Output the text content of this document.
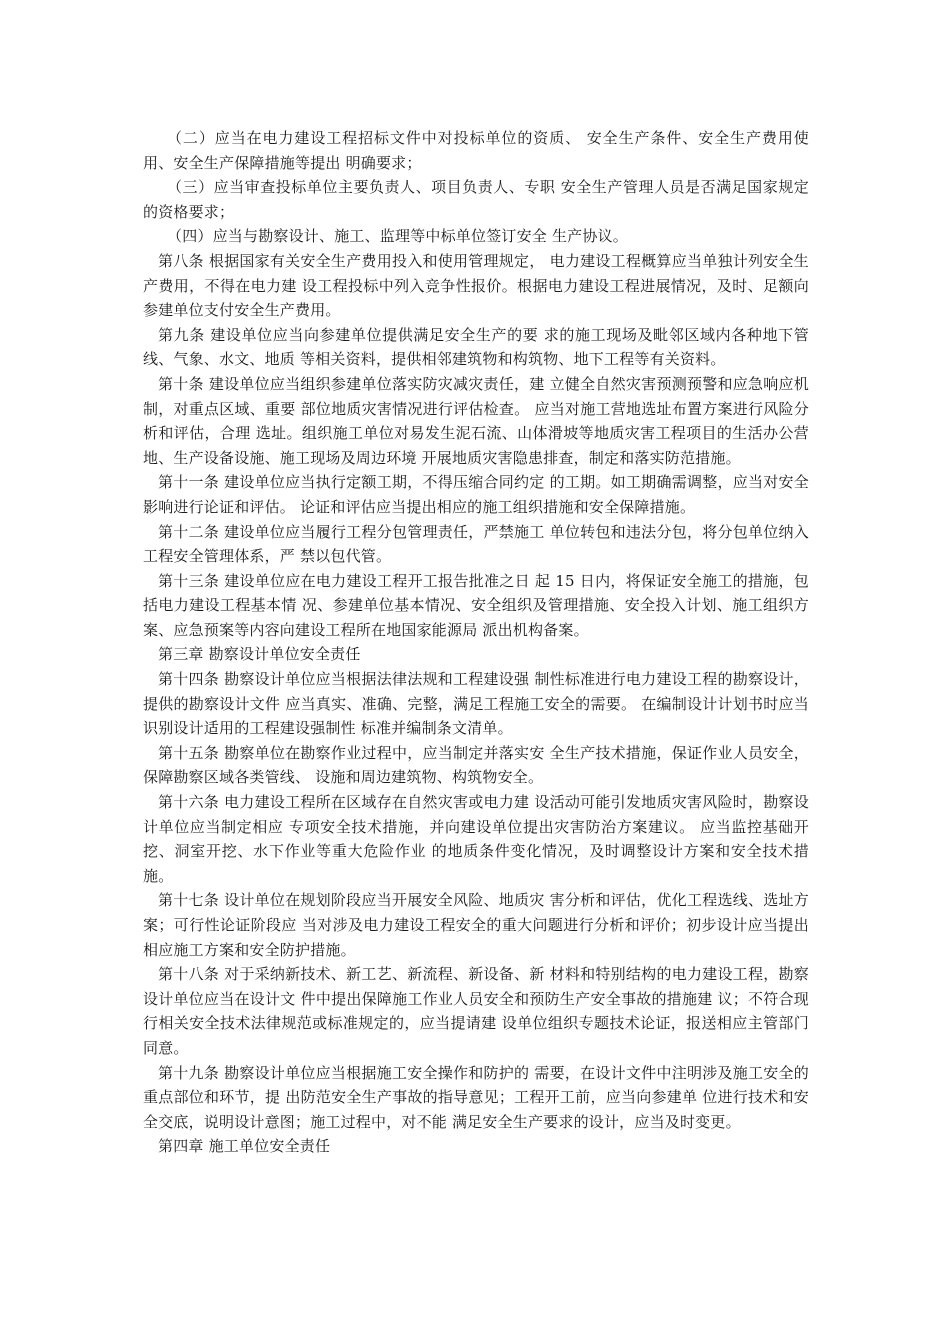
（二）应当在电力建设工程招标文件中对投标单位的资质、 安全生产条件、安全生产费用使用、安全生产保障措施等提出 明确要求；

（三）应当审查投标单位主要负责人、项目负责人、专职 安全生产管理人员是否满足国家规定的资格要求；

（四）应当与勘察设计、施工、监理等中标单位签订安全 生产协议。

第八条 根据国家有关安全生产费用投入和使用管理规定， 电力建设工程概算应当单独计列安全生产费用，不得在电力建 设工程投标中列入竞争性报价。根据电力建设工程进展情况，及时、足额向参建单位支付安全生产费用。

第九条 建设单位应当向参建单位提供满足安全生产的要 求的施工现场及毗邻区域内各种地下管线、气象、水文、地质 等相关资料，提供相邻建筑物和构筑物、地下工程等有关资料。

第十条 建设单位应当组织参建单位落实防灾减灾责任，建 立健全自然灾害预测预警和应急响应机制，对重点区域、重要 部位地质灾害情况进行评估检查。 应当对施工营地选址布置方案进行风险分析和评估，合理 选址。组织施工单位对易发生泥石流、山体滑坡等地质灾害工程项目的生活办公营地、生产设备设施、施工现场及周边环境 开展地质灾害隐患排查，制定和落实防范措施。

第十一条 建设单位应当执行定额工期，不得压缩合同约定 的工期。如工期确需调整，应当对安全影响进行论证和评估。 论证和评估应当提出相应的施工组织措施和安全保障措施。

第十二条 建设单位应当履行工程分包管理责任，严禁施工 单位转包和违法分包，将分包单位纳入工程安全管理体系，严 禁以包代管。

第十三条 建设单位应在电力建设工程开工报告批准之日 起 15 日内，将保证安全施工的措施，包括电力建设工程基本情 况、参建单位基本情况、安全组织及管理措施、安全投入计划、施工组织方案、应急预案等内容向建设工程所在地国家能源局 派出机构备案。

第三章 勘察设计单位安全责任

第十四条 勘察设计单位应当根据法律法规和工程建设强 制性标准进行电力建设工程的勘察设计，提供的勘察设计文件 应当真实、准确、完整，满足工程施工安全的需要。 在编制设计计划书时应当识别设计适用的工程建设强制性 标准并编制条文清单。

第十五条 勘察单位在勘察作业过程中，应当制定并落实安 全生产技术措施，保证作业人员安全，保障勘察区域各类管线、 设施和周边建筑物、构筑物安全。

第十六条 电力建设工程所在区域存在自然灾害或电力建 设活动可能引发地质灾害风险时，勘察设计单位应当制定相应 专项安全技术措施，并向建设单位提出灾害防治方案建议。 应当监控基础开挖、洞室开挖、水下作业等重大危险作业 的地质条件变化情况，及时调整设计方案和安全技术措施。

第十七条 设计单位在规划阶段应当开展安全风险、地质灾 害分析和评估，优化工程选线、选址方案；可行性论证阶段应 当对涉及电力建设工程安全的重大问题进行分析和评价；初步设计应当提出相应施工方案和安全防护措施。

第十八条 对于采纳新技术、新工艺、新流程、新设备、新 材料和特别结构的电力建设工程，勘察设计单位应当在设计文 件中提出保障施工作业人员安全和预防生产安全事故的措施建 议；不符合现行相关安全技术法律规范或标准规定的，应当提请建 设单位组织专题技术论证，报送相应主管部门同意。

第十九条 勘察设计单位应当根据施工安全操作和防护的 需要，在设计文件中注明涉及施工安全的重点部位和环节，提 出防范安全生产事故的指导意见；工程开工前，应当向参建单 位进行技术和安全交底，说明设计意图；施工过程中，对不能 满足安全生产要求的设计，应当及时变更。

第四章 施工单位安全责任
